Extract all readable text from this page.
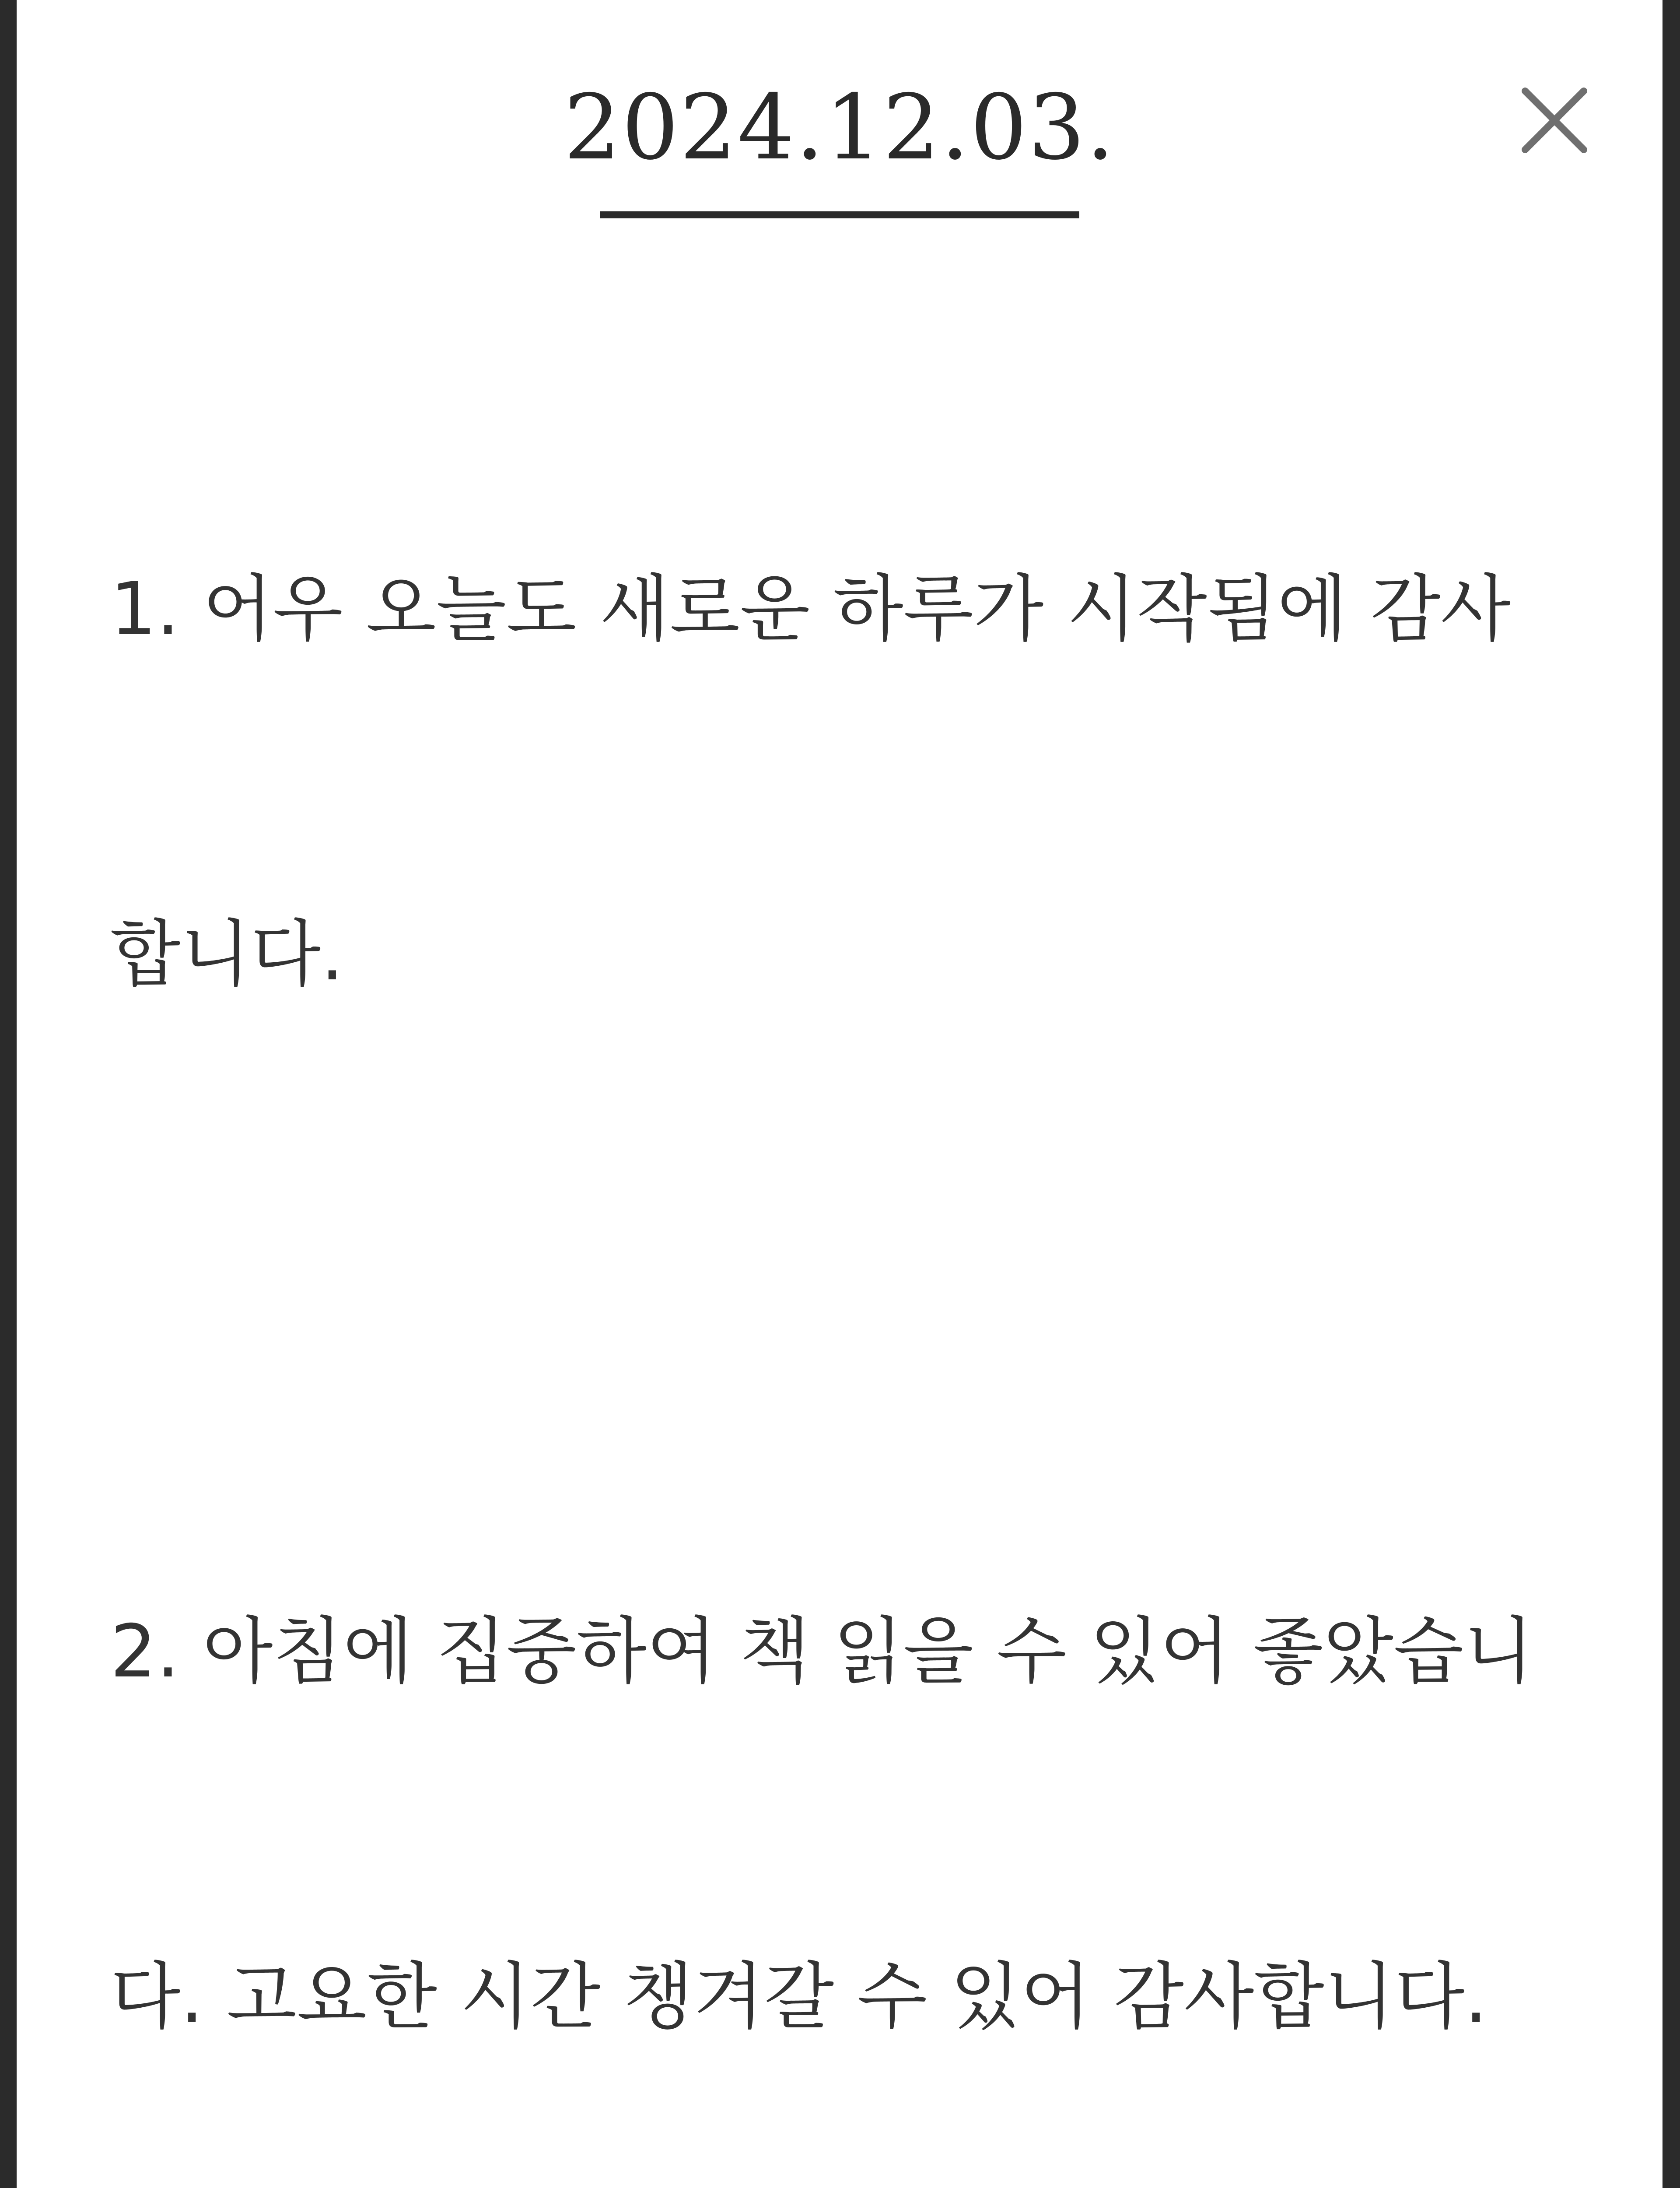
2024.12.03.

1. 어우 오늘도 새로운 하루가 시작됨에 감사

합니다.

2. 아침에 집중하여 책 읽을 수 있어 좋았습니

다. 고요한 시간 챙겨갈 수 있어 감사합니다.
